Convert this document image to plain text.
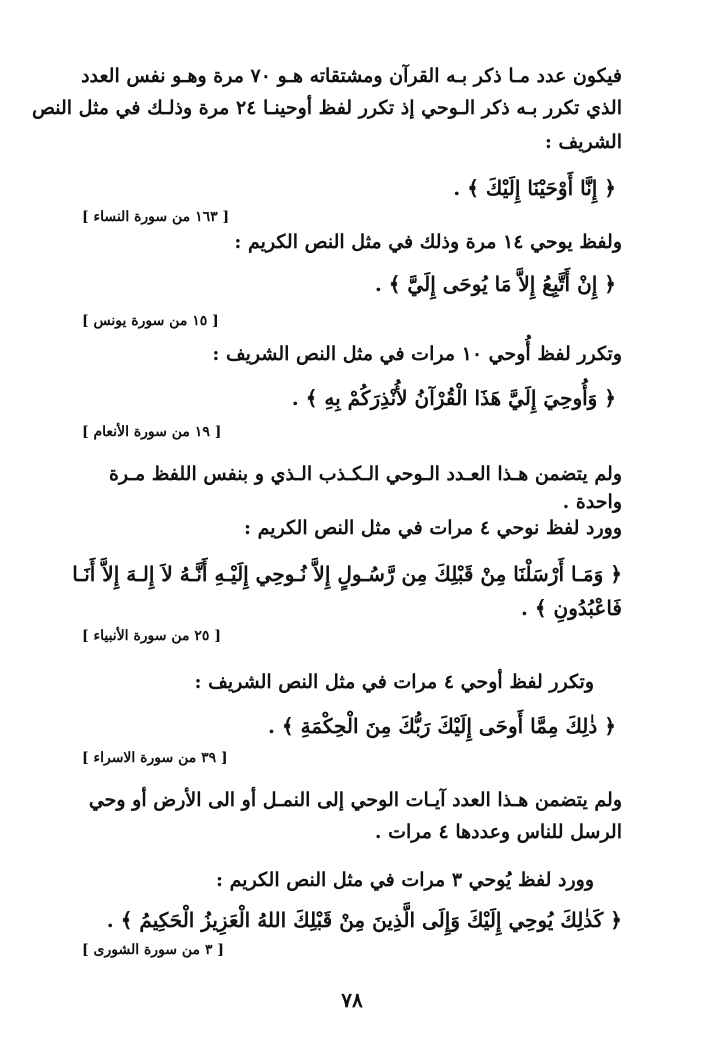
فيكون عدد مـا ذكر بـه القرآن ومشتقاته هـو ٧٠ مرة وهـو نفس العدد
الذي تكرر بـه ذكر الـوحي إذ تكرر لفظ أوحينـا ٢٤ مرة وذلـك في مثل النص
الشريف :
﴿ إِنَّا أَوْحَيْنَا إِلَيْكَ ﴾ .
[ ١٦٣ من سورة النساء ]
ولفظ يوحي ١٤ مرة وذلك في مثل النص الكريم :
﴿ إِنْ أَتَّبِعُ إِلاَّ مَا يُوحَى إِلَيَّ ﴾ .
[ ١٥ من سورة يونس ]
وتكرر لفظ أُوحي ١٠ مرات في مثل النص الشريف :
﴿ وَأُوحِيَ إِلَيَّ هَذَا الْقُرْآنُ لأُنْذِرَكُمْ بِهِ ﴾ .
[ ١٩ من سورة الأنعام ]
ولم يتضمن هـذا العـدد الـوحي الـكـذب الـذي و بنفس اللفظ مـرة
واحدة .
وورد لفظ نوحي ٤ مرات في مثل النص الكريم :
﴿ وَمَـا أَرْسَلْنَا مِنْ قَبْلِكَ مِن رَّسُـولٍ إِلاَّ نُـوحِي إِلَيْـهِ أَنَّـهُ لاَ إِلـهَ إِلاَّ أَنَـا
فَاعْبُدُونِ ﴾ .
[ ٢٥ من سورة الأنبياء ]
وتكرر لفظ أوحي ٤ مرات في مثل النص الشريف :
﴿ ذٰلِكَ مِمَّا أَوحَى إِلَيْكَ رَبُّكَ مِنَ الْحِكْمَةِ ﴾ .
[ ٣٩ من سورة الاسراء ]
ولم يتضمن هـذا العدد آيـات الوحي إلى النمـل أو الى الأرض أو وحي
الرسل للناس وعددها ٤ مرات .
وورد لفظ يُوحي ٣ مرات في مثل النص الكريم :
﴿ كَذٰلِكَ يُوحِي إِلَيْكَ وَإِلَى الَّذِينَ مِنْ قَبْلِكَ اللهُ الْعَزِيزُ الْحَكِيمُ ﴾ .
[ ٣ من سورة الشورى ]
٧٨
